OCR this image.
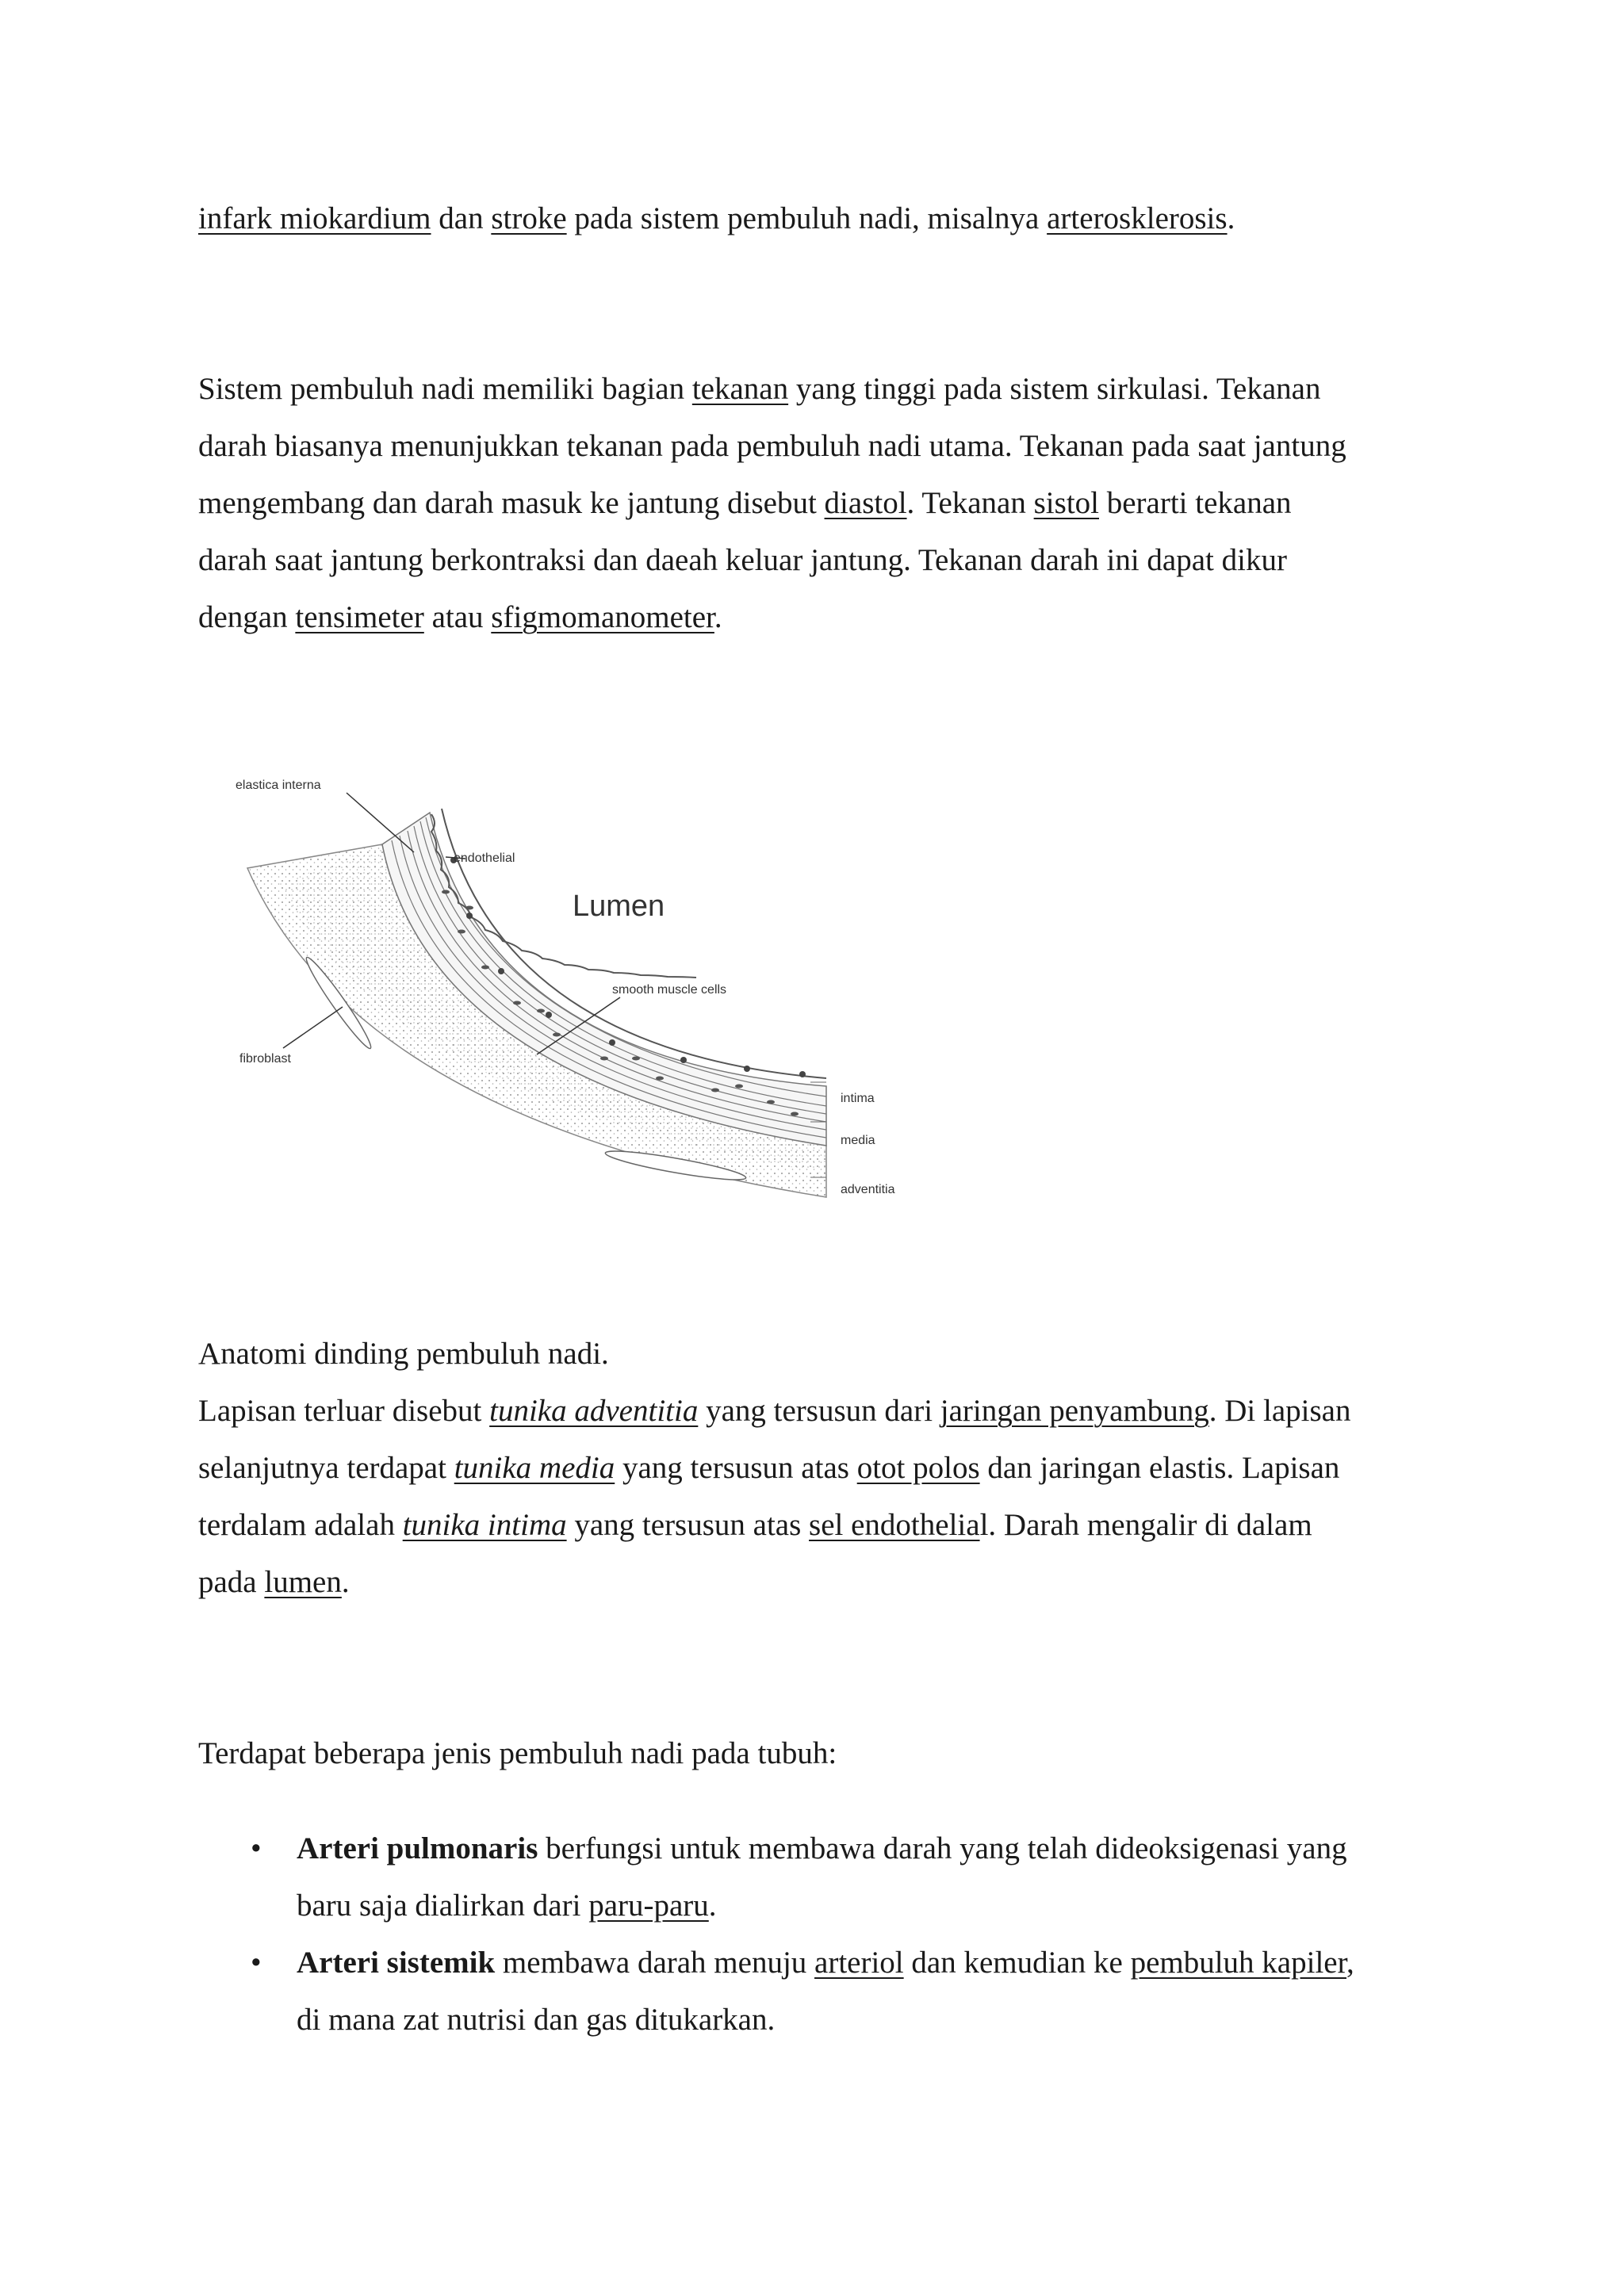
infark miokardium dan stroke pada sistem pembuluh nadi, misalnya arterosklerosis.
Sistem pembuluh nadi memiliki bagian tekanan yang tinggi pada sistem sirkulasi. Tekanan
darah biasanya menunjukkan tekanan pada pembuluh nadi utama. Tekanan pada saat jantung
mengembang dan darah masuk ke jantung disebut diastol. Tekanan sistol berarti tekanan
darah saat jantung berkontraksi dan daeah keluar jantung. Tekanan darah ini dapat dikur
dengan tensimeter atau sfigmomanometer.
elastica interna
endothelial
Lumen
smooth muscle cells
fibroblast
intima
media
adventitia
Anatomi dinding pembuluh nadi.
Lapisan terluar disebut tunika adventitia yang tersusun dari jaringan penyambung. Di lapisan
selanjutnya terdapat tunika media yang tersusun atas otot polos dan jaringan elastis. Lapisan
terdalam adalah tunika intima yang tersusun atas sel endothelial. Darah mengalir di dalam
pada lumen.
Terdapat beberapa jenis pembuluh nadi pada tubuh:
• Arteri pulmonaris berfungsi untuk membawa darah yang telah dideoksigenasi yang
baru saja dialirkan dari paru-paru.
• Arteri sistemik membawa darah menuju arteriol dan kemudian ke pembuluh kapiler,
di mana zat nutrisi dan gas ditukarkan.
